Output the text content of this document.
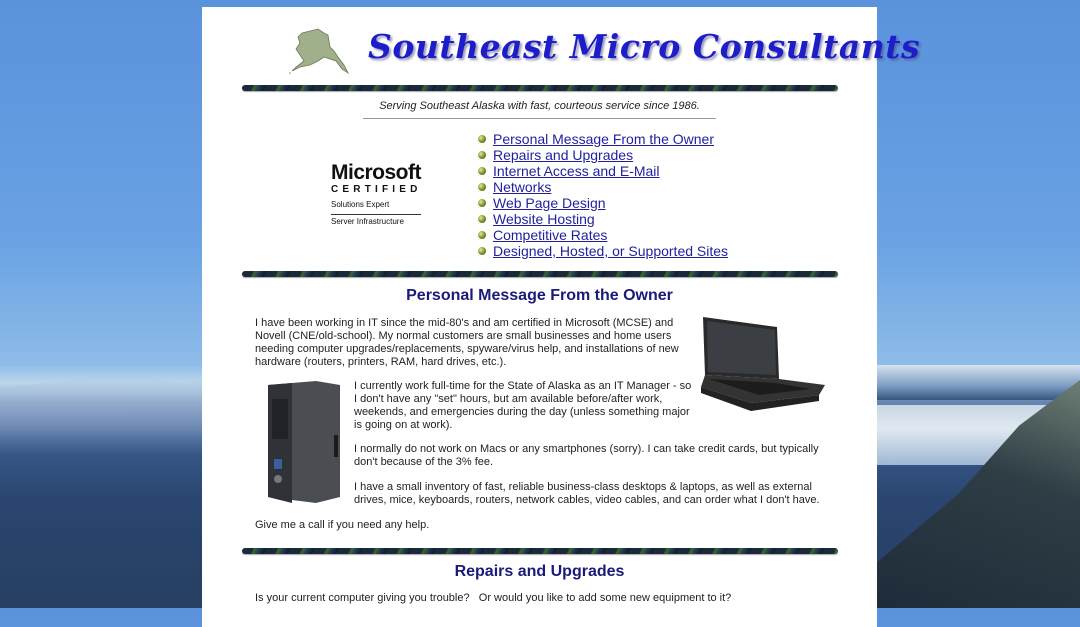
Southeast Micro Consultants
Serving Southeast Alaska with fast, courteous service since 1986.
Microsoft
CERTIFIED
Solutions Expert
Server Infrastructure
Personal Message From the Owner
Repairs and Upgrades
Internet Access and E-Mail
Networks
Web Page Design
Website Hosting
Competitive Rates
Designed, Hosted, or Supported Sites
Personal Message From the Owner

I have been working in IT since the mid-80's and am certified in Microsoft (MCSE) and Novell (CNE/old-school). My normal customers are small businesses and home users needing computer upgrades/replacements, spyware/virus help, and installations of new hardware (routers, printers, RAM, hard drives, etc.).

I currently work full-time for the State of Alaska as an IT Manager - so I don't have any "set" hours, but am available before/after work, weekends, and emergencies during the day (unless something major is going on at work).

I normally do not work on Macs or any smartphones (sorry). I can take credit cards, but typically don't because of the 3% fee.

I have a small inventory of fast, reliable business-class desktops & laptops, as well as external drives, mice, keyboards, routers, network cables, video cables, and can order what I don't have.

Give me a call if you need any help.

Repairs and Upgrades

Is your current computer giving you trouble?   Or would you like to add some new equipment to it?
